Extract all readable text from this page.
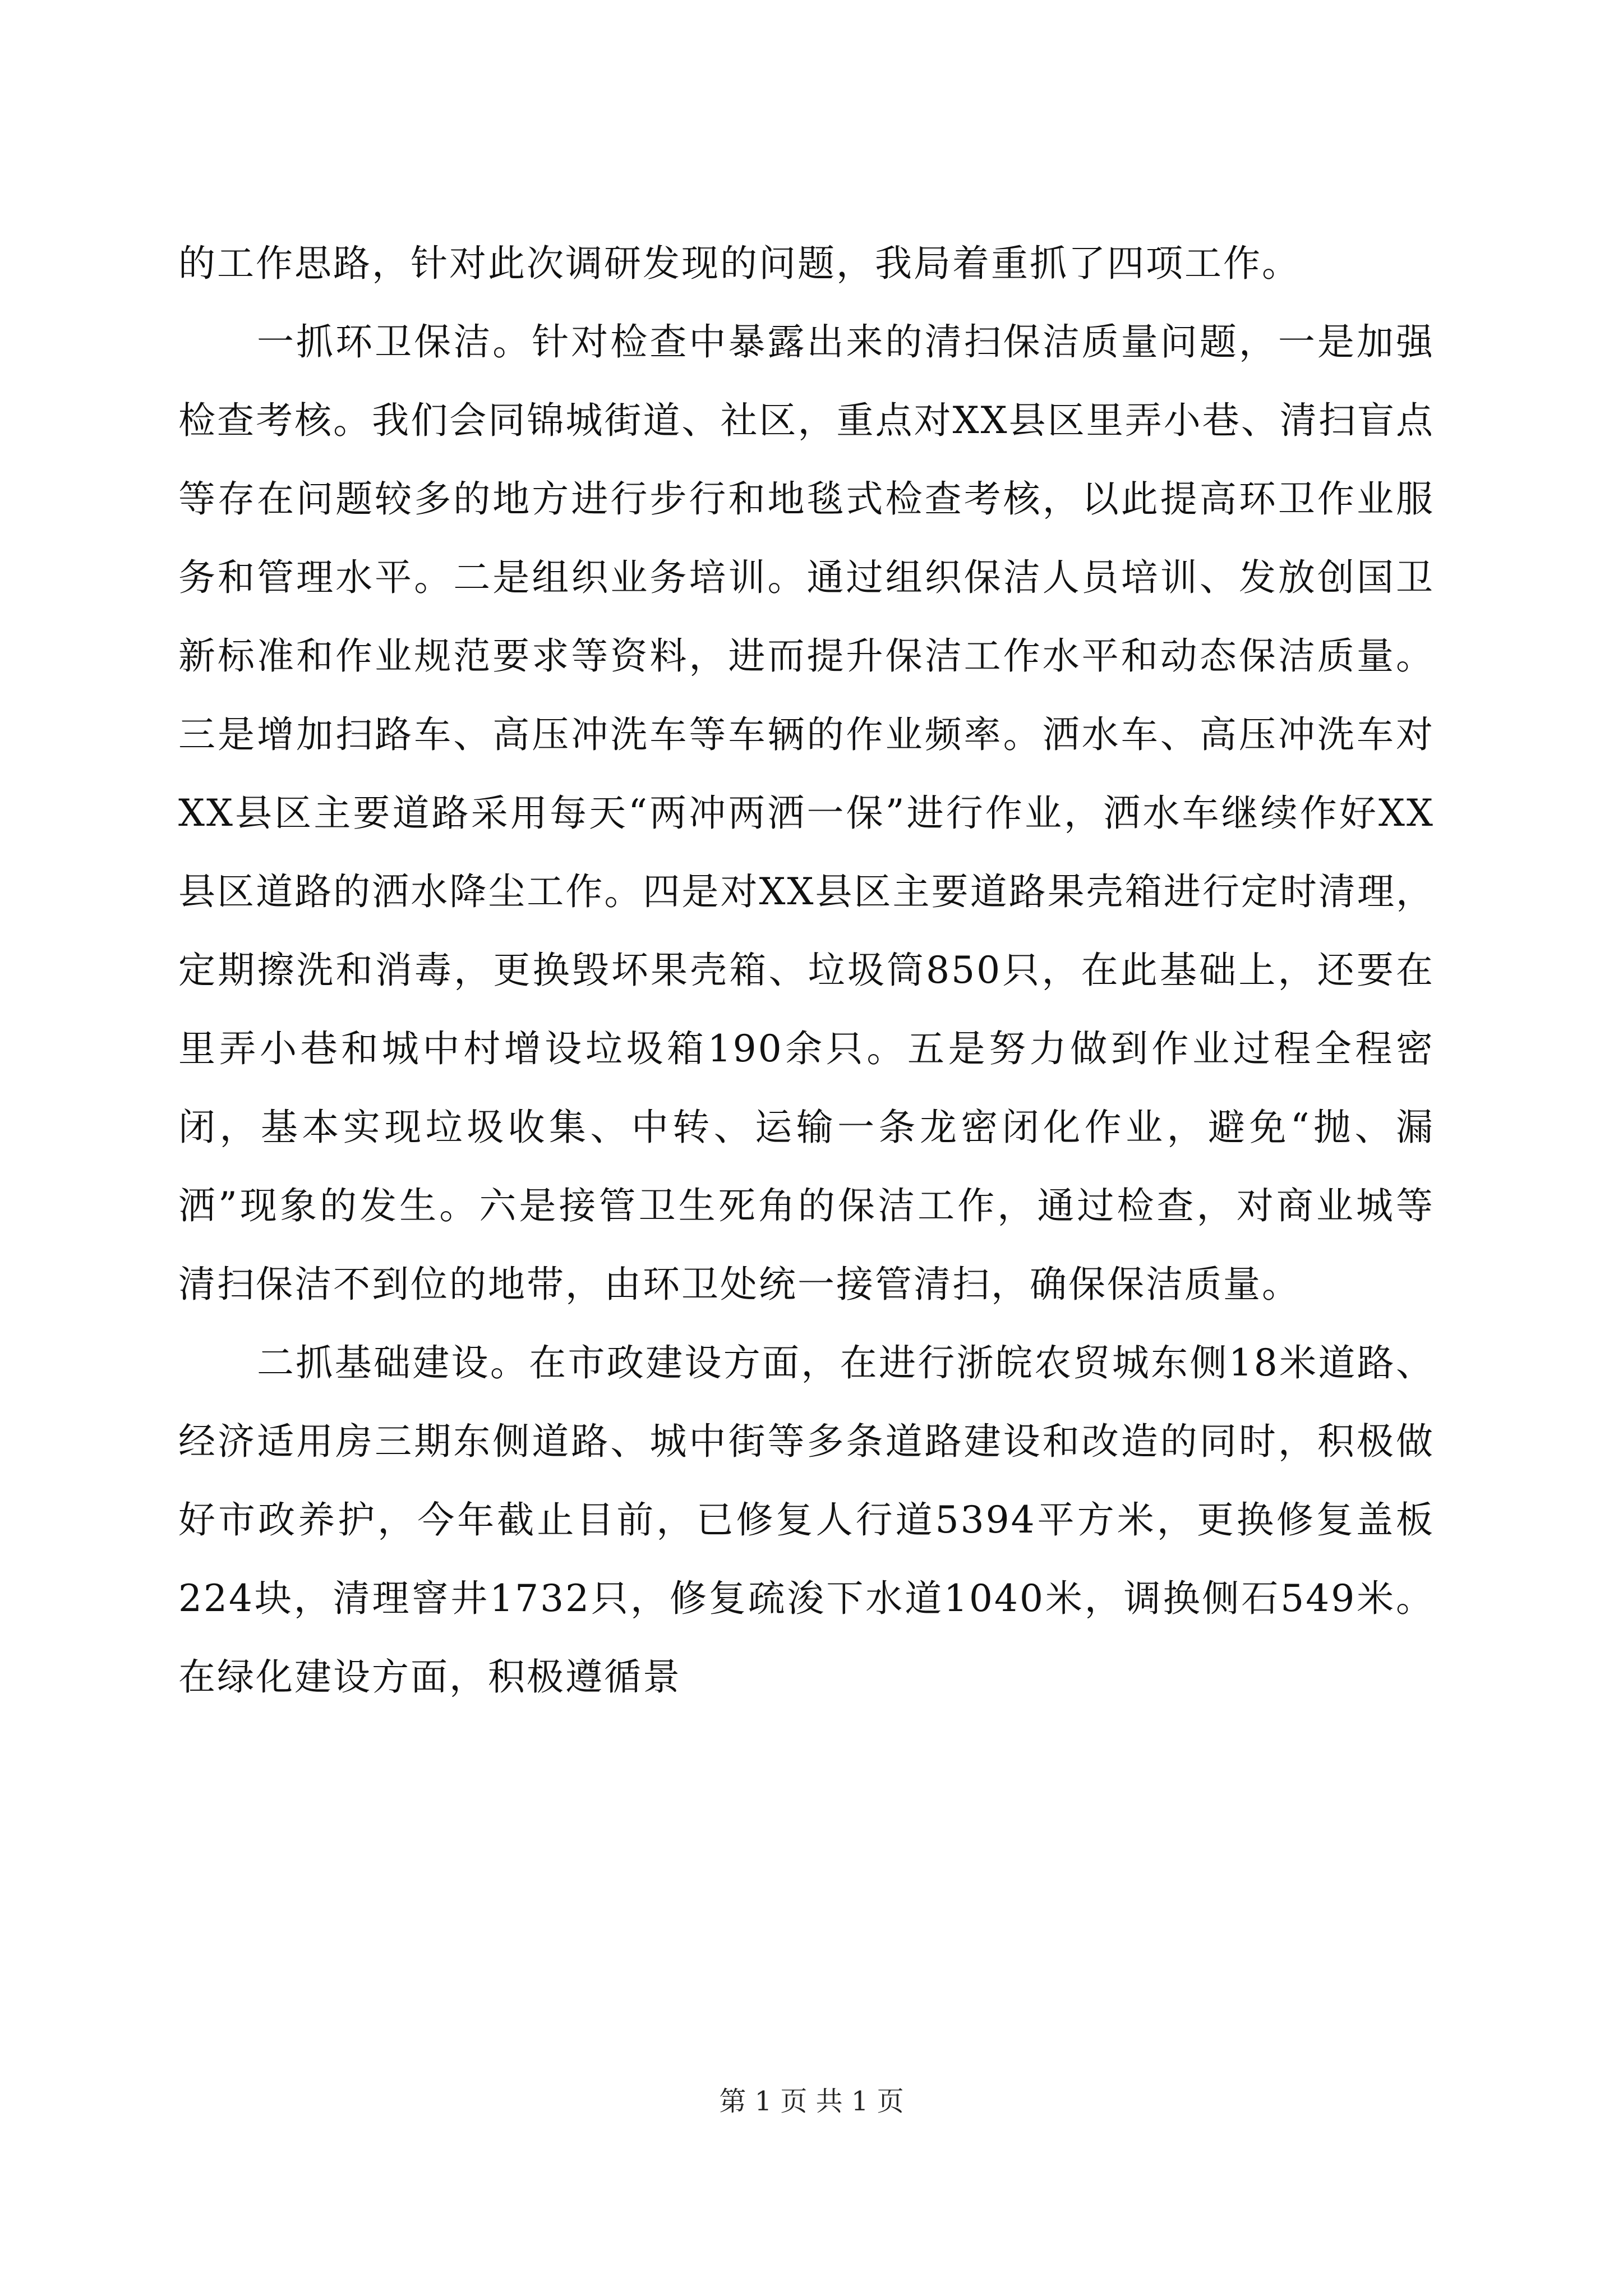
的工作思路，针对此次调研发现的问题，我局着重抓了四项工作。

一抓环卫保洁。针对检查中暴露出来的清扫保洁质量问题，一是加强检查考核。我们会同锦城街道、社区，重点对XX县区里弄小巷、清扫盲点等存在问题较多的地方进行步行和地毯式检查考核，以此提高环卫作业服务和管理水平。二是组织业务培训。通过组织保洁人员培训、发放创国卫新标准和作业规范要求等资料，进而提升保洁工作水平和动态保洁质量。三是增加扫路车、高压冲洗车等车辆的作业频率。洒水车、高压冲洗车对XX县区主要道路采用每天“两冲两洒一保”进行作业，洒水车继续作好XX县区道路的洒水降尘工作。四是对XX县区主要道路果壳箱进行定时清理，定期擦洗和消毒，更换毁坏果壳箱、垃圾筒850只，在此基础上，还要在里弄小巷和城中村增设垃圾箱190余只。五是努力做到作业过程全程密闭，基本实现垃圾收集、中转、运输一条龙密闭化作业，避免“抛、漏洒”现象的发生。六是接管卫生死角的保洁工作，通过检查，对商业城等清扫保洁不到位的地带，由环卫处统一接管清扫，确保保洁质量。

二抓基础建设。在市政建设方面，在进行浙皖农贸城东侧18米道路、经济适用房三期东侧道路、城中街等多条道路建设和改造的同时，积极做好市政养护，今年截止目前，已修复人行道5394平方米，更换修复盖板224块，清理窨井1732只，修复疏浚下水道1040米，调换侧石549米。在绿化建设方面，积极遵循景

第 1 页 共 1 页
